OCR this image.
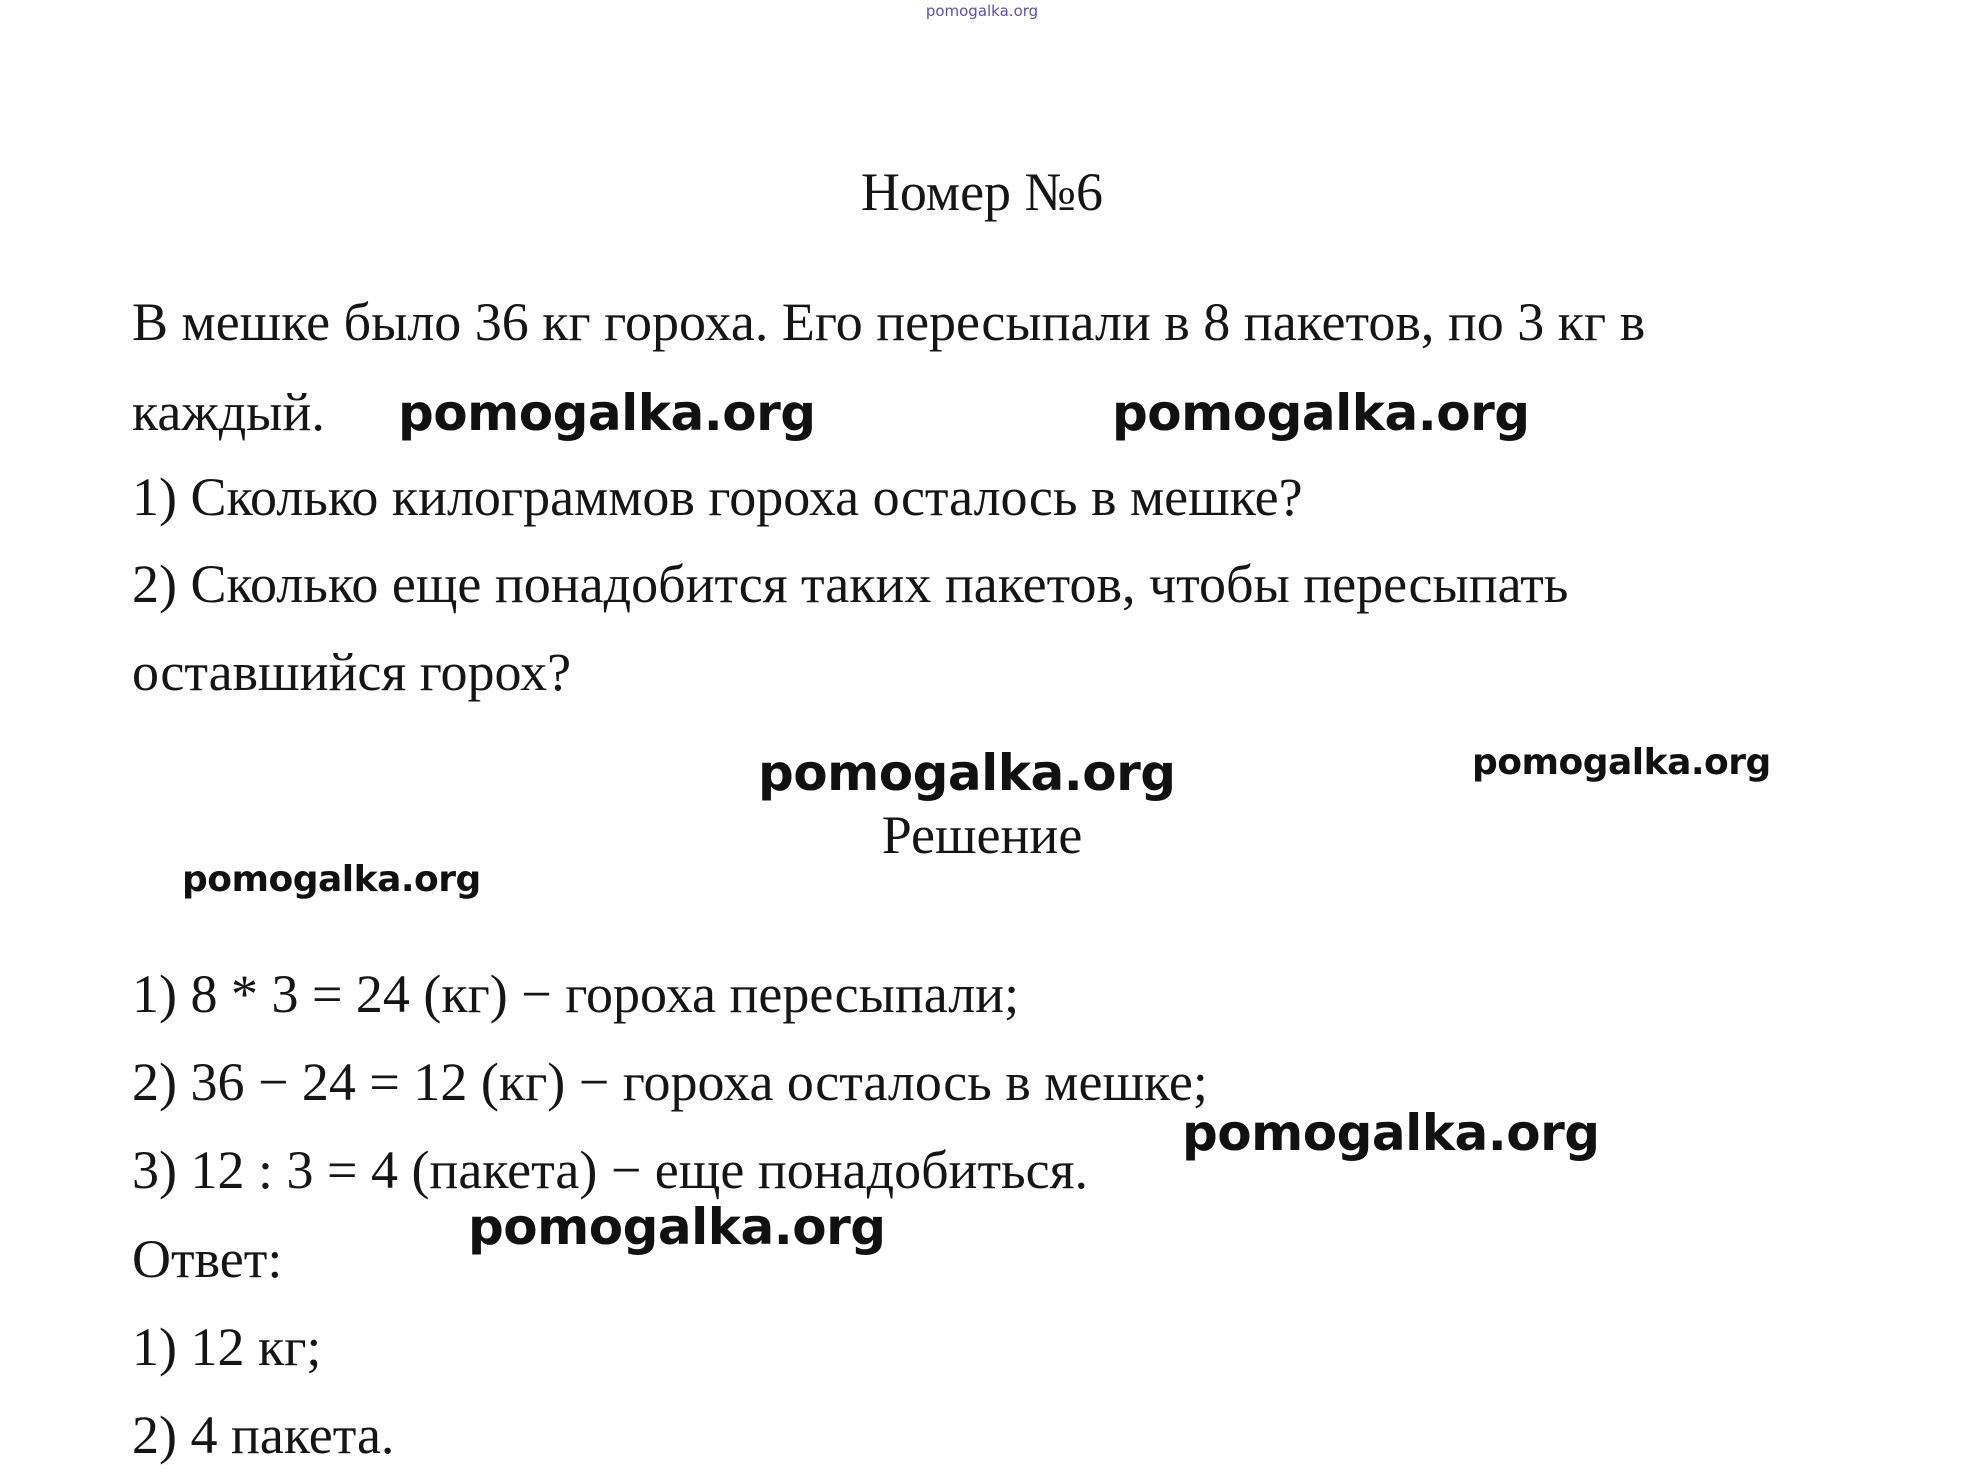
pomogalka.org
Номер №6
В мешке было 36 кг гороха. Его пересыпали в 8 пакетов, по 3 кг в
каждый.
1) Сколько килограммов гороха осталось в мешке?
2) Сколько еще понадобится таких пакетов, чтобы пересыпать
оставшийся горох?
Решение
1) 8 * 3 = 24 (кг) − гороха пересыпали;
2) 36 − 24 = 12 (кг) − гороха осталось в мешке;
3) 12 : 3 = 4 (пакета) − еще понадобиться.
Ответ:
1) 12 кг;
2) 4 пакета.
pomogalka.org	pomogalka.org
pomogalka.org	pomogalka.org
pomogalka.org
pomogalka.org
pomogalka.org
